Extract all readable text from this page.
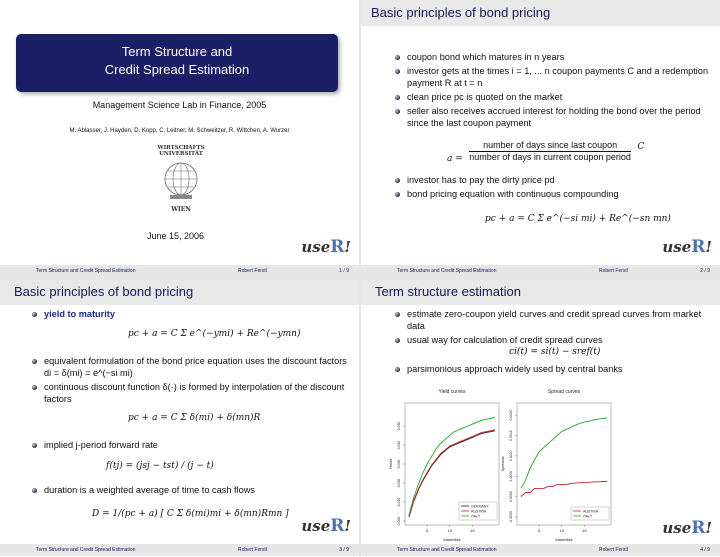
Term Structure and
Credit Spread Estimation
Management Science Lab in Finance, 2005
M. Ablasser, J. Hayden, D. Kopp, C. Leitner, M. Schweitzer, R. Wittchen, A. Wurzer
WIRTSCHAFTS
UNIVERSITÄT
WIEN
June 15, 2006
useR!
Term Structure and Credit Spread Estimation	Robert Ferstl	1 / 9
Basic principles of bond pricing
coupon bond which matures in n years
investor gets at the times i = 1, ... n coupon payments C and a redemption payment R at t = n
clean price pc is quoted on the market
seller also receives accrued interest for holding the bond over the period since the last coupon payment
a =
number of days since last coupon
number of days in current coupon period
C
investor has to pay the dirty price pd
bond pricing equation with continuous compounding
pc + a = C Σ e^(−si mi) + Re^(−sn mn)
useR!
Term Structure and Credit Spread Estimation	Robert Ferstl	2 / 9
Basic principles of bond pricing
yield to maturity
pc + a = C Σ e^(−ymi) + Re^(−ymn)
equivalent formulation of the bond price equation uses the discount factors di = δ(mi) = e^(−si mi)
continuous discount function δ(·) is formed by interpolation of the discount factors
pc + a = C Σ δ(mi) + δ(mn)R
implied j-period forward rate
f(tj) = (jsj − tst) / (j − t)
duration is a weighted average of time to cash flows
D = 1/(pc + a) [ C Σ δ(mi)mi + δ(mn)Rmn ]
useR!
Term Structure and Credit Spread Estimation	Robert Ferstl	3 / 9
Term structure estimation
estimate zero-coupon yield curves and credit spread curves from market data
usual way for calculation of credit spread curves
ci(t) = si(t) − sref(t)
parsimonious approach widely used by central banks
Yield curves
Maturities
Yields
5	10	15
0.000
0.010
0.020
0.030
0.040
0.050
GERMANY
AUSTRIA
ITALY
Spread curves
Maturities
Spreads
5	10	15
-0.0005
0.0000
0.0005
0.0010
0.0015
0.0020
AUSTRIA
ITALY
useR!
Term Structure and Credit Spread Estimation	Robert Ferstl	4 / 9
